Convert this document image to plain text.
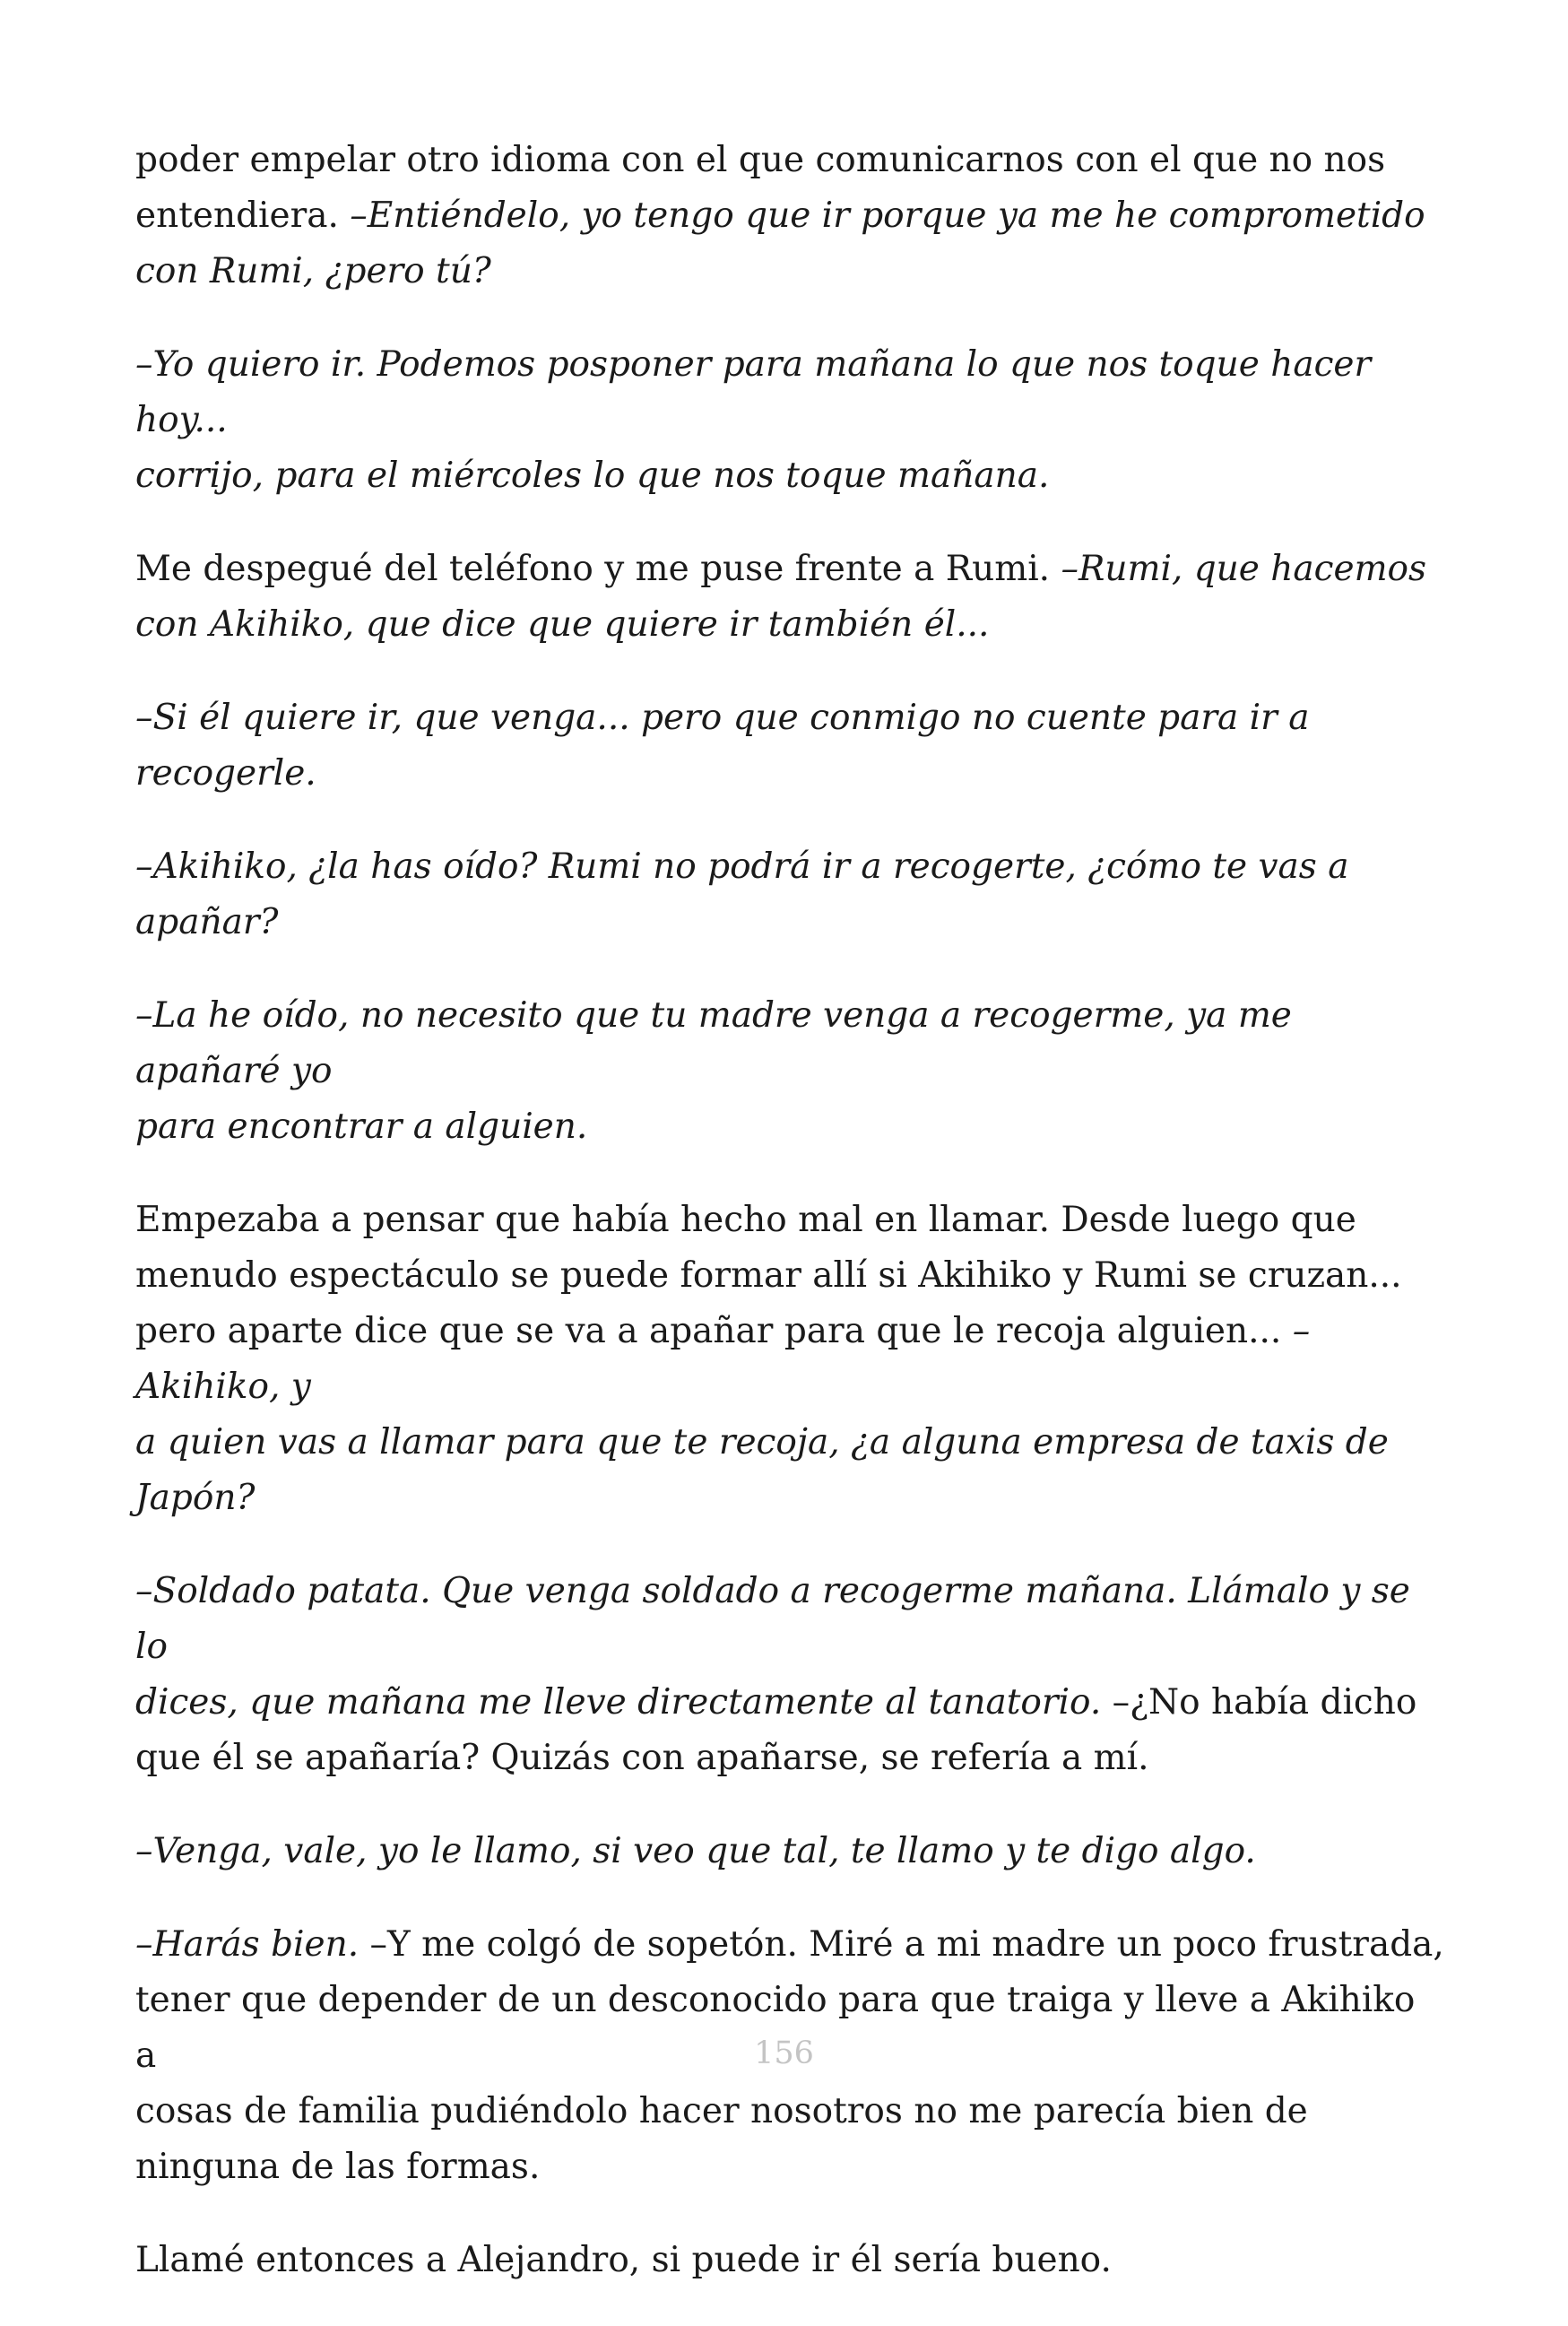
poder empelar otro idioma con el que comunicarnos con el que no nos
entendiera. –Entiéndelo, yo tengo que ir porque ya me he comprometido
con Rumi, ¿pero tú?

–Yo quiero ir. Podemos posponer para mañana lo que nos toque hacer hoy...
corrijo, para el miércoles lo que nos toque mañana.

Me despegué del teléfono y me puse frente a Rumi. –Rumi, que hacemos
con Akihiko, que dice que quiere ir también él...

–Si él quiere ir, que venga... pero que conmigo no cuente para ir a recogerle.

–Akihiko, ¿la has oído? Rumi no podrá ir a recogerte, ¿cómo te vas a
apañar?

–La he oído, no necesito que tu madre venga a recogerme, ya me apañaré yo
para encontrar a alguien.

Empezaba a pensar que había hecho mal en llamar. Desde luego que
menudo espectáculo se puede formar allí si Akihiko y Rumi se cruzan...
pero aparte dice que se va a apañar para que le recoja alguien... –Akihiko, y
a quien vas a llamar para que te recoja, ¿a alguna empresa de taxis de
Japón?

–Soldado patata. Que venga soldado a recogerme mañana. Llámalo y se lo
dices, que mañana me lleve directamente al tanatorio. –¿No había dicho
que él se apañaría? Quizás con apañarse, se refería a mí.

–Venga, vale, yo le llamo, si veo que tal, te llamo y te digo algo.

–Harás bien. –Y me colgó de sopetón. Miré a mi madre un poco frustrada,
tener que depender de un desconocido para que traiga y lleve a Akihiko a
cosas de familia pudiéndolo hacer nosotros no me parecía bien de
ninguna de las formas.

Llamé entonces a Alejandro, si puede ir él sería bueno.

156
